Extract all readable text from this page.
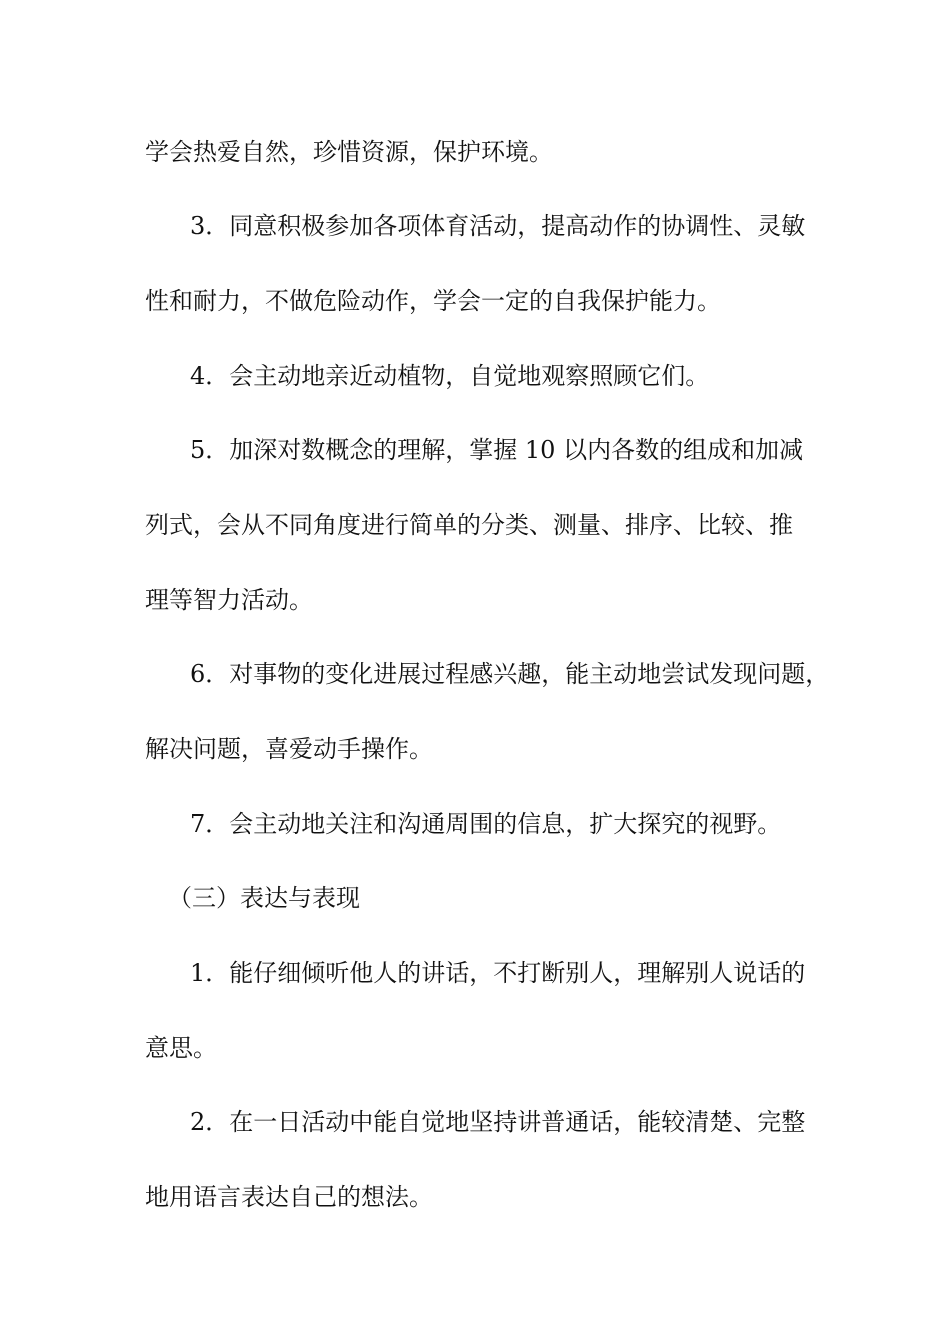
学会热爱自然，珍惜资源，保护环境。

3．同意积极参加各项体育活动，提高动作的协调性、灵敏

性和耐力，不做危险动作，学会一定的自我保护能力。

4．会主动地亲近动植物，自觉地观察照顾它们。

5．加深对数概念的理解，掌握 10 以内各数的组成和加减

列式，会从不同角度进行简单的分类、测量、排序、比较、推

理等智力活动。

6．对事物的变化进展过程感兴趣，能主动地尝试发现问题，

解决问题，喜爱动手操作。

7．会主动地关注和沟通周围的信息，扩大探究的视野。

（三）表达与表现

1．能仔细倾听他人的讲话，不打断别人，理解别人说话的

意思。

2．在一日活动中能自觉地坚持讲普通话，能较清楚、完整

地用语言表达自己的想法。
